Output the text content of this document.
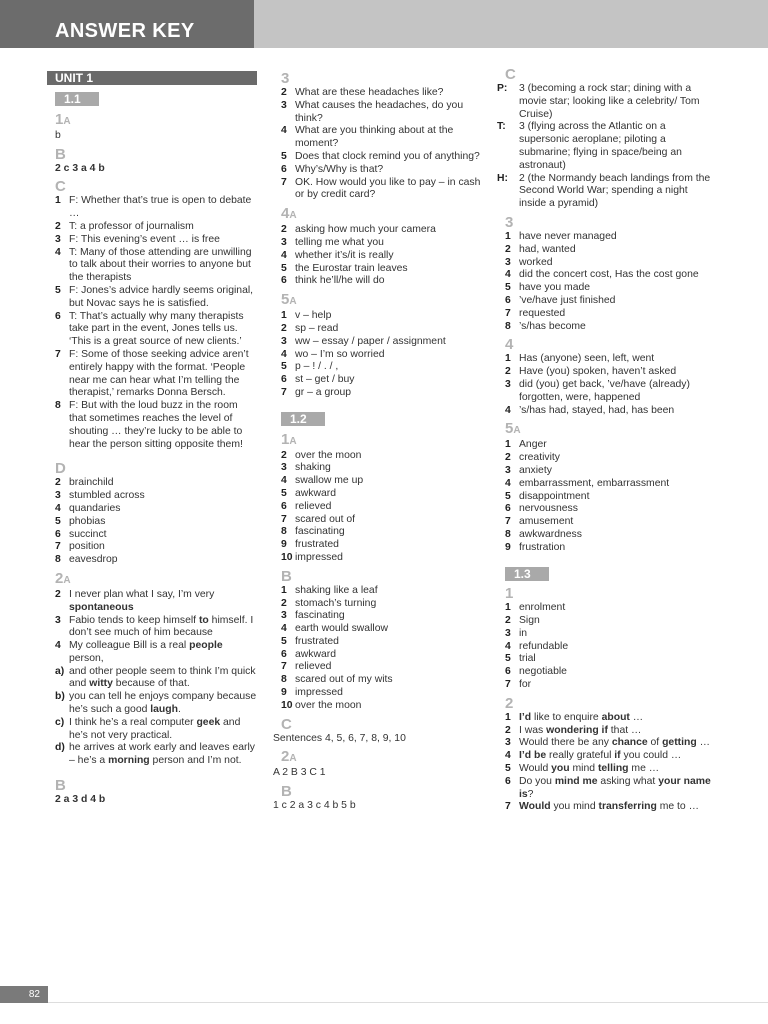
ANSWER KEY
UNIT 1
1.1
1A
b
B
2 c 3 a 4 b
C
1 F: Whether that’s true is open to debate …
2 T: a professor of journalism
3 F: This evening’s event … is free
4 T: Many of those attending are unwilling to talk about their worries to anyone but the therapists
5 F: Jones’s advice hardly seems original, but Novac says he is satisfied.
6 T: That’s actually why many therapists take part in the event, Jones tells us. ‘This is a great source of new clients.’
7 F: Some of those seeking advice aren’t entirely happy with the format. ‘People near me can hear what I’m telling the therapist,’ remarks Donna Bersch.
8 F: But with the loud buzz in the room that sometimes reaches the level of shouting … they’re lucky to be able to hear the person sitting opposite them!
D
2 brainchild
3 stumbled across
4 quandaries
5 phobias
6 succinct
7 position
8 eavesdrop
2A
2 I never plan what I say, I’m very spontaneous
3 Fabio tends to keep himself to himself. I don’t see much of him because
4 My colleague Bill is a real people person,
a) and other people seem to think I’m quick and witty because of that.
b) you can tell he enjoys company because he’s such a good laugh.
c) I think he’s a real computer geek and he’s not very practical.
d) he arrives at work early and leaves early – he’s a morning person and I’m not.
B
2 a 3 d 4 b
3
2 What are these headaches like?
3 What causes the headaches, do you think?
4 What are you thinking about at the moment?
5 Does that clock remind you of anything?
6 Why’s/Why is that?
7 OK. How would you like to pay – in cash or by credit card?
4A
2 asking how much your camera
3 telling me what you
4 whether it’s/it is really
5 the Eurostar train leaves
6 think he’ll/he will do
5A
1 v – help
2 sp – read
3 ww – essay / paper / assignment
4 wo – I’m so worried
5 p – ! / . / ,
6 st – get / buy
7 gr – a group
1.2
1A
2 over the moon
3 shaking
4 swallow me up
5 awkward
6 relieved
7 scared out of
8 fascinating
9 frustrated
10 impressed
B
1 shaking like a leaf
2 stomach’s turning
3 fascinating
4 earth would swallow
5 frustrated
6 awkward
7 relieved
8 scared out of my wits
9 impressed
10 over the moon
C
Sentences 4, 5, 6, 7, 8, 9, 10
2A
A 2 B 3 C 1
B
1 c 2 a 3 c 4 b 5 b
C
P: 3 (becoming a rock star; dining with a movie star; looking like a celebrity/ Tom Cruise)
T: 3 (flying across the Atlantic on a supersonic aeroplane; piloting a submarine; flying in space/being an astronaut)
H: 2 (the Normandy beach landings from the Second World War; spending a night inside a pyramid)
3
1 have never managed
2 had, wanted
3 worked
4 did the concert cost, Has the cost gone
5 have you made
6 ’ve/have just finished
7 requested
8 ’s/has become
4
1 Has (anyone) seen, left, went
2 Have (you) spoken, haven’t asked
3 did (you) get back, ’ve/have (already) forgotten, were, happened
4 ’s/has had, stayed, had, has been
5A
1 Anger
2 creativity
3 anxiety
4 embarrassment, embarrassment
5 disappointment
6 nervousness
7 amusement
8 awkwardness
9 frustration
1.3
1
1 enrolment
2 Sign
3 in
4 refundable
5 trial
6 negotiable
7 for
2
1 I’d like to enquire about …
2 I was wondering if that …
3 Would there be any chance of getting …
4 I’d be really grateful if you could …
5 Would you mind telling me …
6 Do you mind me asking what your name is?
7 Would you mind transferring me to …
82
